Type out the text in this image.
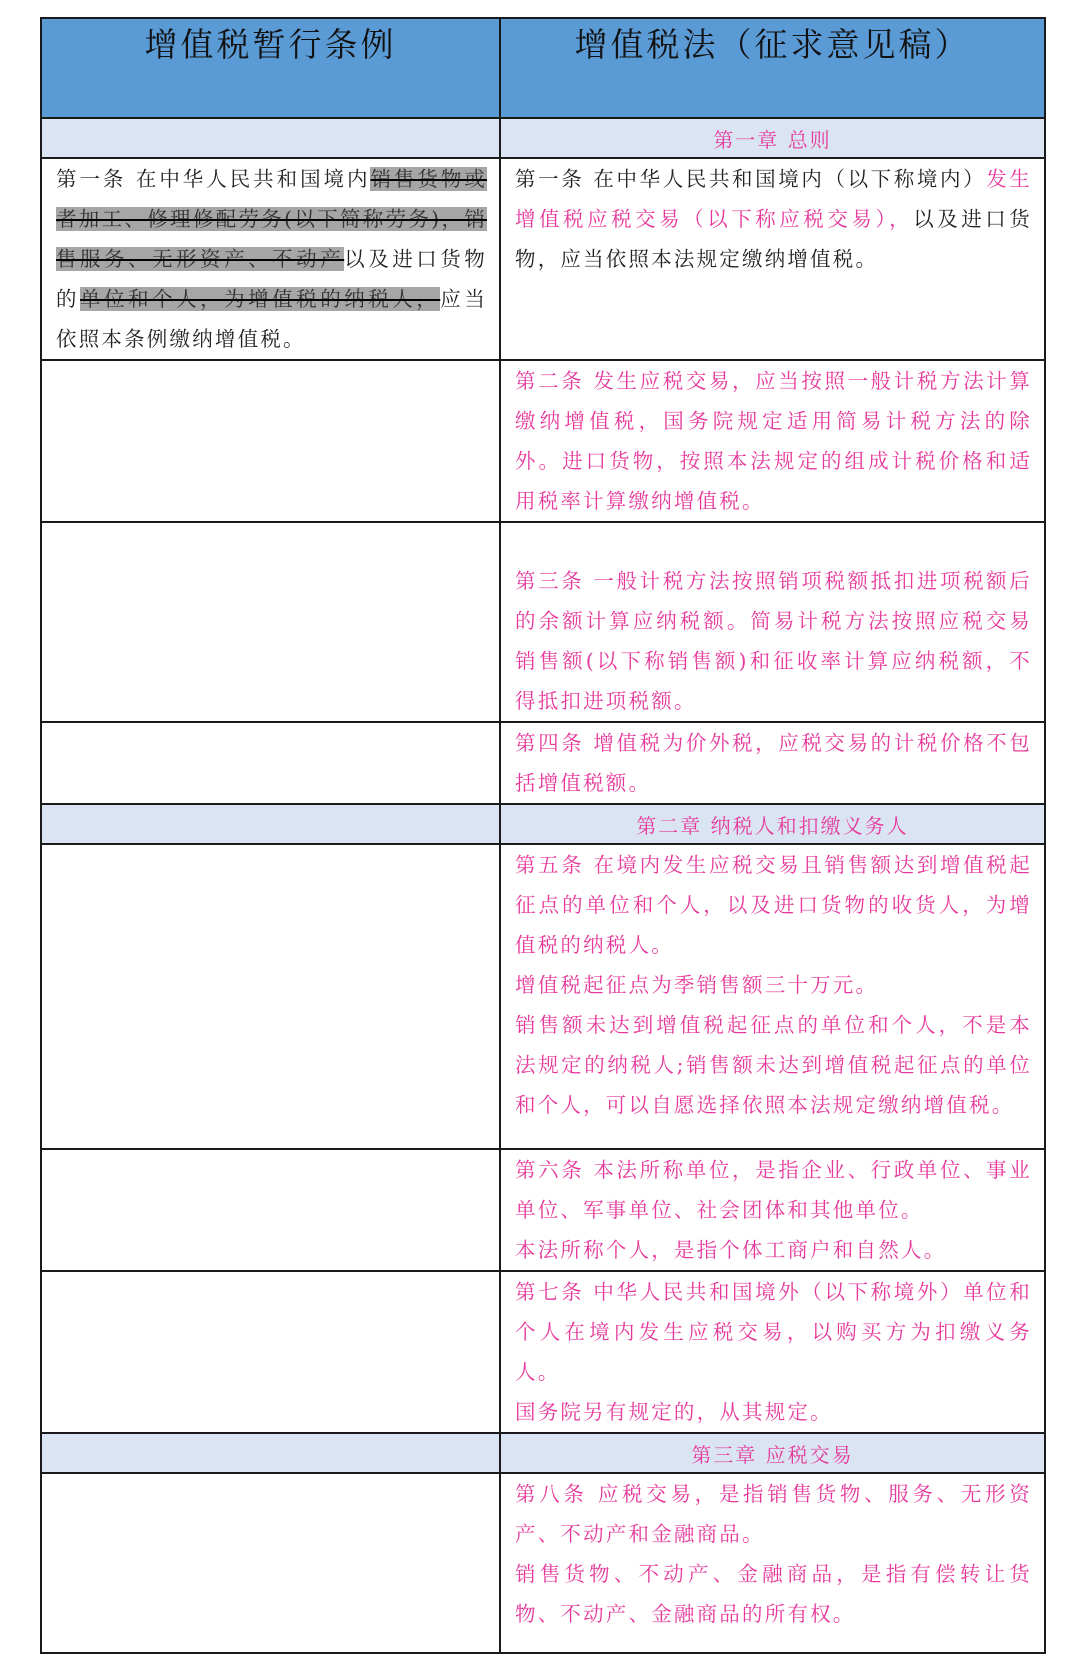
增值税暂行条例	增值税法（征求意见稿）
	第一章 总则

第一条 在中华人民共和国境内销售货物或者加工、修理修配劳务(以下简称劳务)，销售服务、无形资产、不动产以及进口货物的单位和个人，为增值税的纳税人，应当依照本条例缴纳增值税。	第一条 在中华人民共和国境内（以下称境内）发生增值税应税交易（以下称应税交易），以及进口货物，应当依照本法规定缴纳增值税。

	第二条 发生应税交易，应当按照一般计税方法计算缴纳增值税，国务院规定适用简易计税方法的除外。进口货物，按照本法规定的组成计税价格和适用税率计算缴纳增值税。

	第三条 一般计税方法按照销项税额抵扣进项税额后的余额计算应纳税额。简易计税方法按照应税交易销售额(以下称销售额)和征收率计算应纳税额，不得抵扣进项税额。

	第四条 增值税为价外税，应税交易的计税价格不包括增值税额。

	第二章 纳税人和扣缴义务人

	第五条 在境内发生应税交易且销售额达到增值税起征点的单位和个人，以及进口货物的收货人，为增值税的纳税人。

增值税起征点为季销售额三十万元。

销售额未达到增值税起征点的单位和个人，不是本法规定的纳税人;销售额未达到增值税起征点的单位和个人，可以自愿选择依照本法规定缴纳增值税。

	第六条 本法所称单位，是指企业、行政单位、事业单位、军事单位、社会团体和其他单位。

本法所称个人，是指个体工商户和自然人。

	第七条 中华人民共和国境外（以下称境外）单位和个人在境内发生应税交易，以购买方为扣缴义务人。

国务院另有规定的，从其规定。

	第三章 应税交易

	第八条 应税交易，是指销售货物、服务、无形资产、不动产和金融商品。

销售货物、不动产、金融商品，是指有偿转让货物、不动产、金融商品的所有权。
